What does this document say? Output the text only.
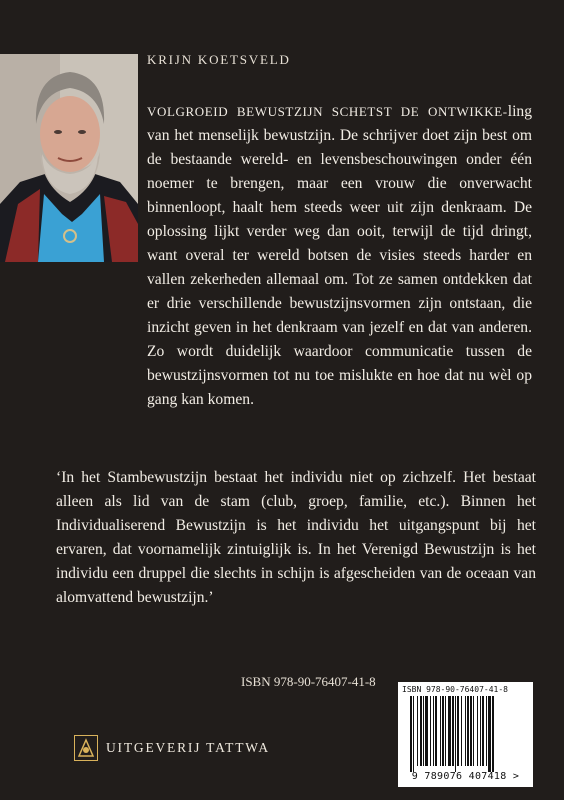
KRIJN KOETSVELD
VOLGROEID BEWUSTZIJN SCHETST DE ONTWIKKE-ling van het menselijk bewustzijn. De schrijver doet zijn best om de bestaande wereld- en levensbeschouwingen onder één noemer te brengen, maar een vrouw die onverwacht binnenloopt, haalt hem steeds weer uit zijn denkraam. De oplossing lijkt verder weg dan ooit, terwijl de tijd dringt, want overal ter wereld botsen de visies steeds harder en vallen zekerheden allemaal om. Tot ze samen ontdekken dat er drie verschillende bewustzijnsvormen zijn ontstaan, die inzicht geven in het denkraam van jezelf en dat van anderen. Zo wordt duidelijk waardoor communicatie tussen de bewustzijnsvormen tot nu toe mislukte en hoe dat nu wèl op gang kan komen.
‘In het Stambewustzijn bestaat het individu niet op zichzelf. Het bestaat alleen als lid van de stam (club, groep, familie, etc.). Binnen het Individualiserend Bewustzijn is het individu het uitgangspunt bij het ervaren, dat voornamelijk zintuiglijk is. In het Verenigd Bewustzijn is het individu een druppel die slechts in schijn is afgescheiden van de oceaan van alomvattend bewustzijn.’
ISBN 978-90-76407-41-8
UITGEVERIJ TATTWA
ISBN 978-90-76407-41-8
9 789076 407418 >
